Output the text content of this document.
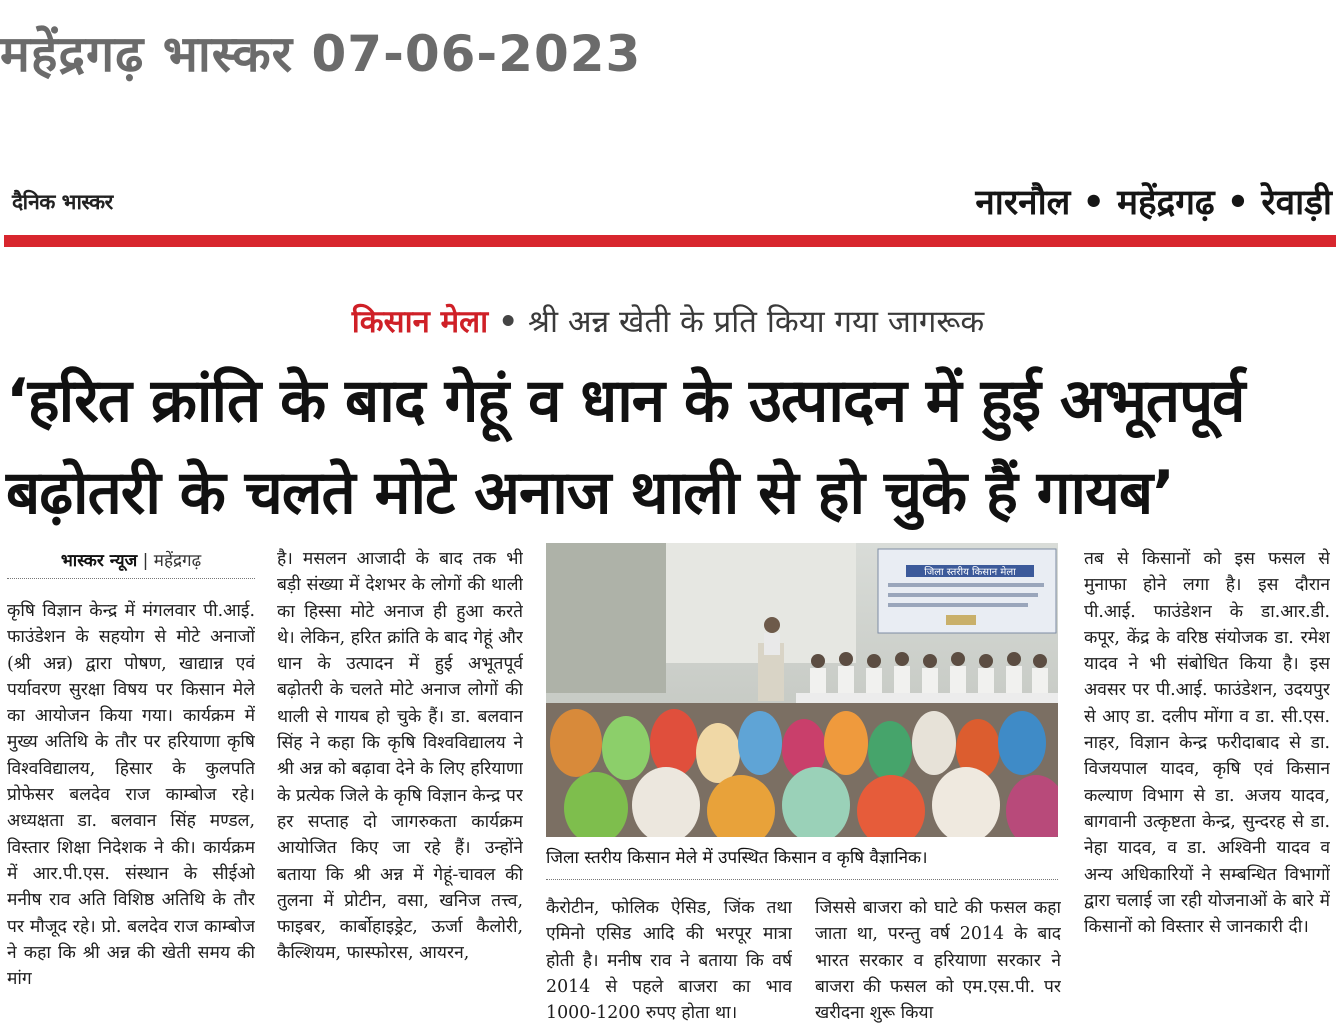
महेंद्रगढ़ भास्कर 07-06-2023
दैनिक भास्कर	नारनौल • महेंद्रगढ़ • रेवाड़ी
किसान मेला • श्री अन्न खेती के प्रति किया गया जागरूक
‘हरित क्रांति के बाद गेहूं व धान के उत्पादन में हुई अभूतपूर्व
बढ़ोतरी के चलते मोटे अनाज थाली से हो चुके हैं गायब’
भास्कर न्यूज | महेंद्रगढ़
कृषि विज्ञान केन्द्र में मंगलवार पी.आई. फाउंडेशन के सहयोग से मोटे अनाजों (श्री अन्न) द्वारा पोषण, खाद्यान्न एवं पर्यावरण सुरक्षा विषय पर किसान मेले का आयोजन किया गया। कार्यक्रम में मुख्य अतिथि के तौर पर हरियाणा कृषि विश्वविद्यालय, हिसार के कुलपति प्रोफेसर बलदेव राज काम्बोज रहे। अध्यक्षता डा. बलवान सिंह मण्डल, विस्तार शिक्षा निदेशक ने की। कार्यक्रम में आर.पी.एस. संस्थान के सीईओ मनीष राव अति विशिष्ठ अतिथि के तौर पर मौजूद रहे। प्रो. बलदेव राज काम्बोज ने कहा कि श्री अन्न की खेती समय की मांग
है। मसलन आजादी के बाद तक भी बड़ी संख्या में देशभर के लोगों की थाली का हिस्सा मोटे अनाज ही हुआ करते थे। लेकिन, हरित क्रांति के बाद गेहूं और धान के उत्पादन में हुई अभूतपूर्व बढ़ोतरी के चलते मोटे अनाज लोगों की थाली से गायब हो चुके हैं। डा. बलवान सिंह ने कहा कि कृषि विश्वविद्यालय ने श्री अन्न को बढ़ावा देने के लिए हरियाणा के प्रत्येक जिले के कृषि विज्ञान केन्द्र पर हर सप्ताह दो जागरुकता कार्यक्रम आयोजित किए जा रहे हैं। उन्होंने बताया कि श्री अन्न में गेहूं-चावल की तुलना में प्रोटीन, वसा, खनिज तत्त्व, फाइबर, कार्बोहाइड्रेट, ऊर्जा कैलोरी, कैल्शियम, फास्फोरस, आयरन,
जिला स्तरीय किसान मेला
जिला स्तरीय किसान मेले में उपस्थित किसान व कृषि वैज्ञानिक।
कैरोटीन, फोलिक ऐसिड, जिंक तथा एमिनो एसिड आदि की भरपूर मात्रा होती है। मनीष राव ने बताया कि वर्ष 2014 से पहले बाजरा का भाव 1000-1200 रुपए होता था।
जिससे बाजरा को घाटे की फसल कहा जाता था, परन्तु वर्ष 2014 के बाद भारत सरकार व हरियाणा सरकार ने बाजरा की फसल को एम.एस.पी. पर खरीदना शुरू किया
तब से किसानों को इस फसल से मुनाफा होने लगा है। इस दौरान पी.आई. फाउंडेशन के डा.आर.डी. कपूर, केंद्र के वरिष्ठ संयोजक डा. रमेश यादव ने भी संबोधित किया है। इस अवसर पर पी.आई. फाउंडेशन, उदयपुर से आए डा. दलीप मोंगा व डा. सी.एस. नाहर, विज्ञान केन्द्र फरीदाबाद से डा. विजयपाल यादव, कृषि एवं किसान कल्याण विभाग से डा. अजय यादव, बागवानी उत्कृष्टता केन्द्र, सुन्दरह से डा. नेहा यादव, व डा. अश्विनी यादव व अन्य अधिकारियों ने सम्बन्धित विभागों द्वारा चलाई जा रही योजनाओं के बारे में किसानों को विस्तार से जानकारी दी।
